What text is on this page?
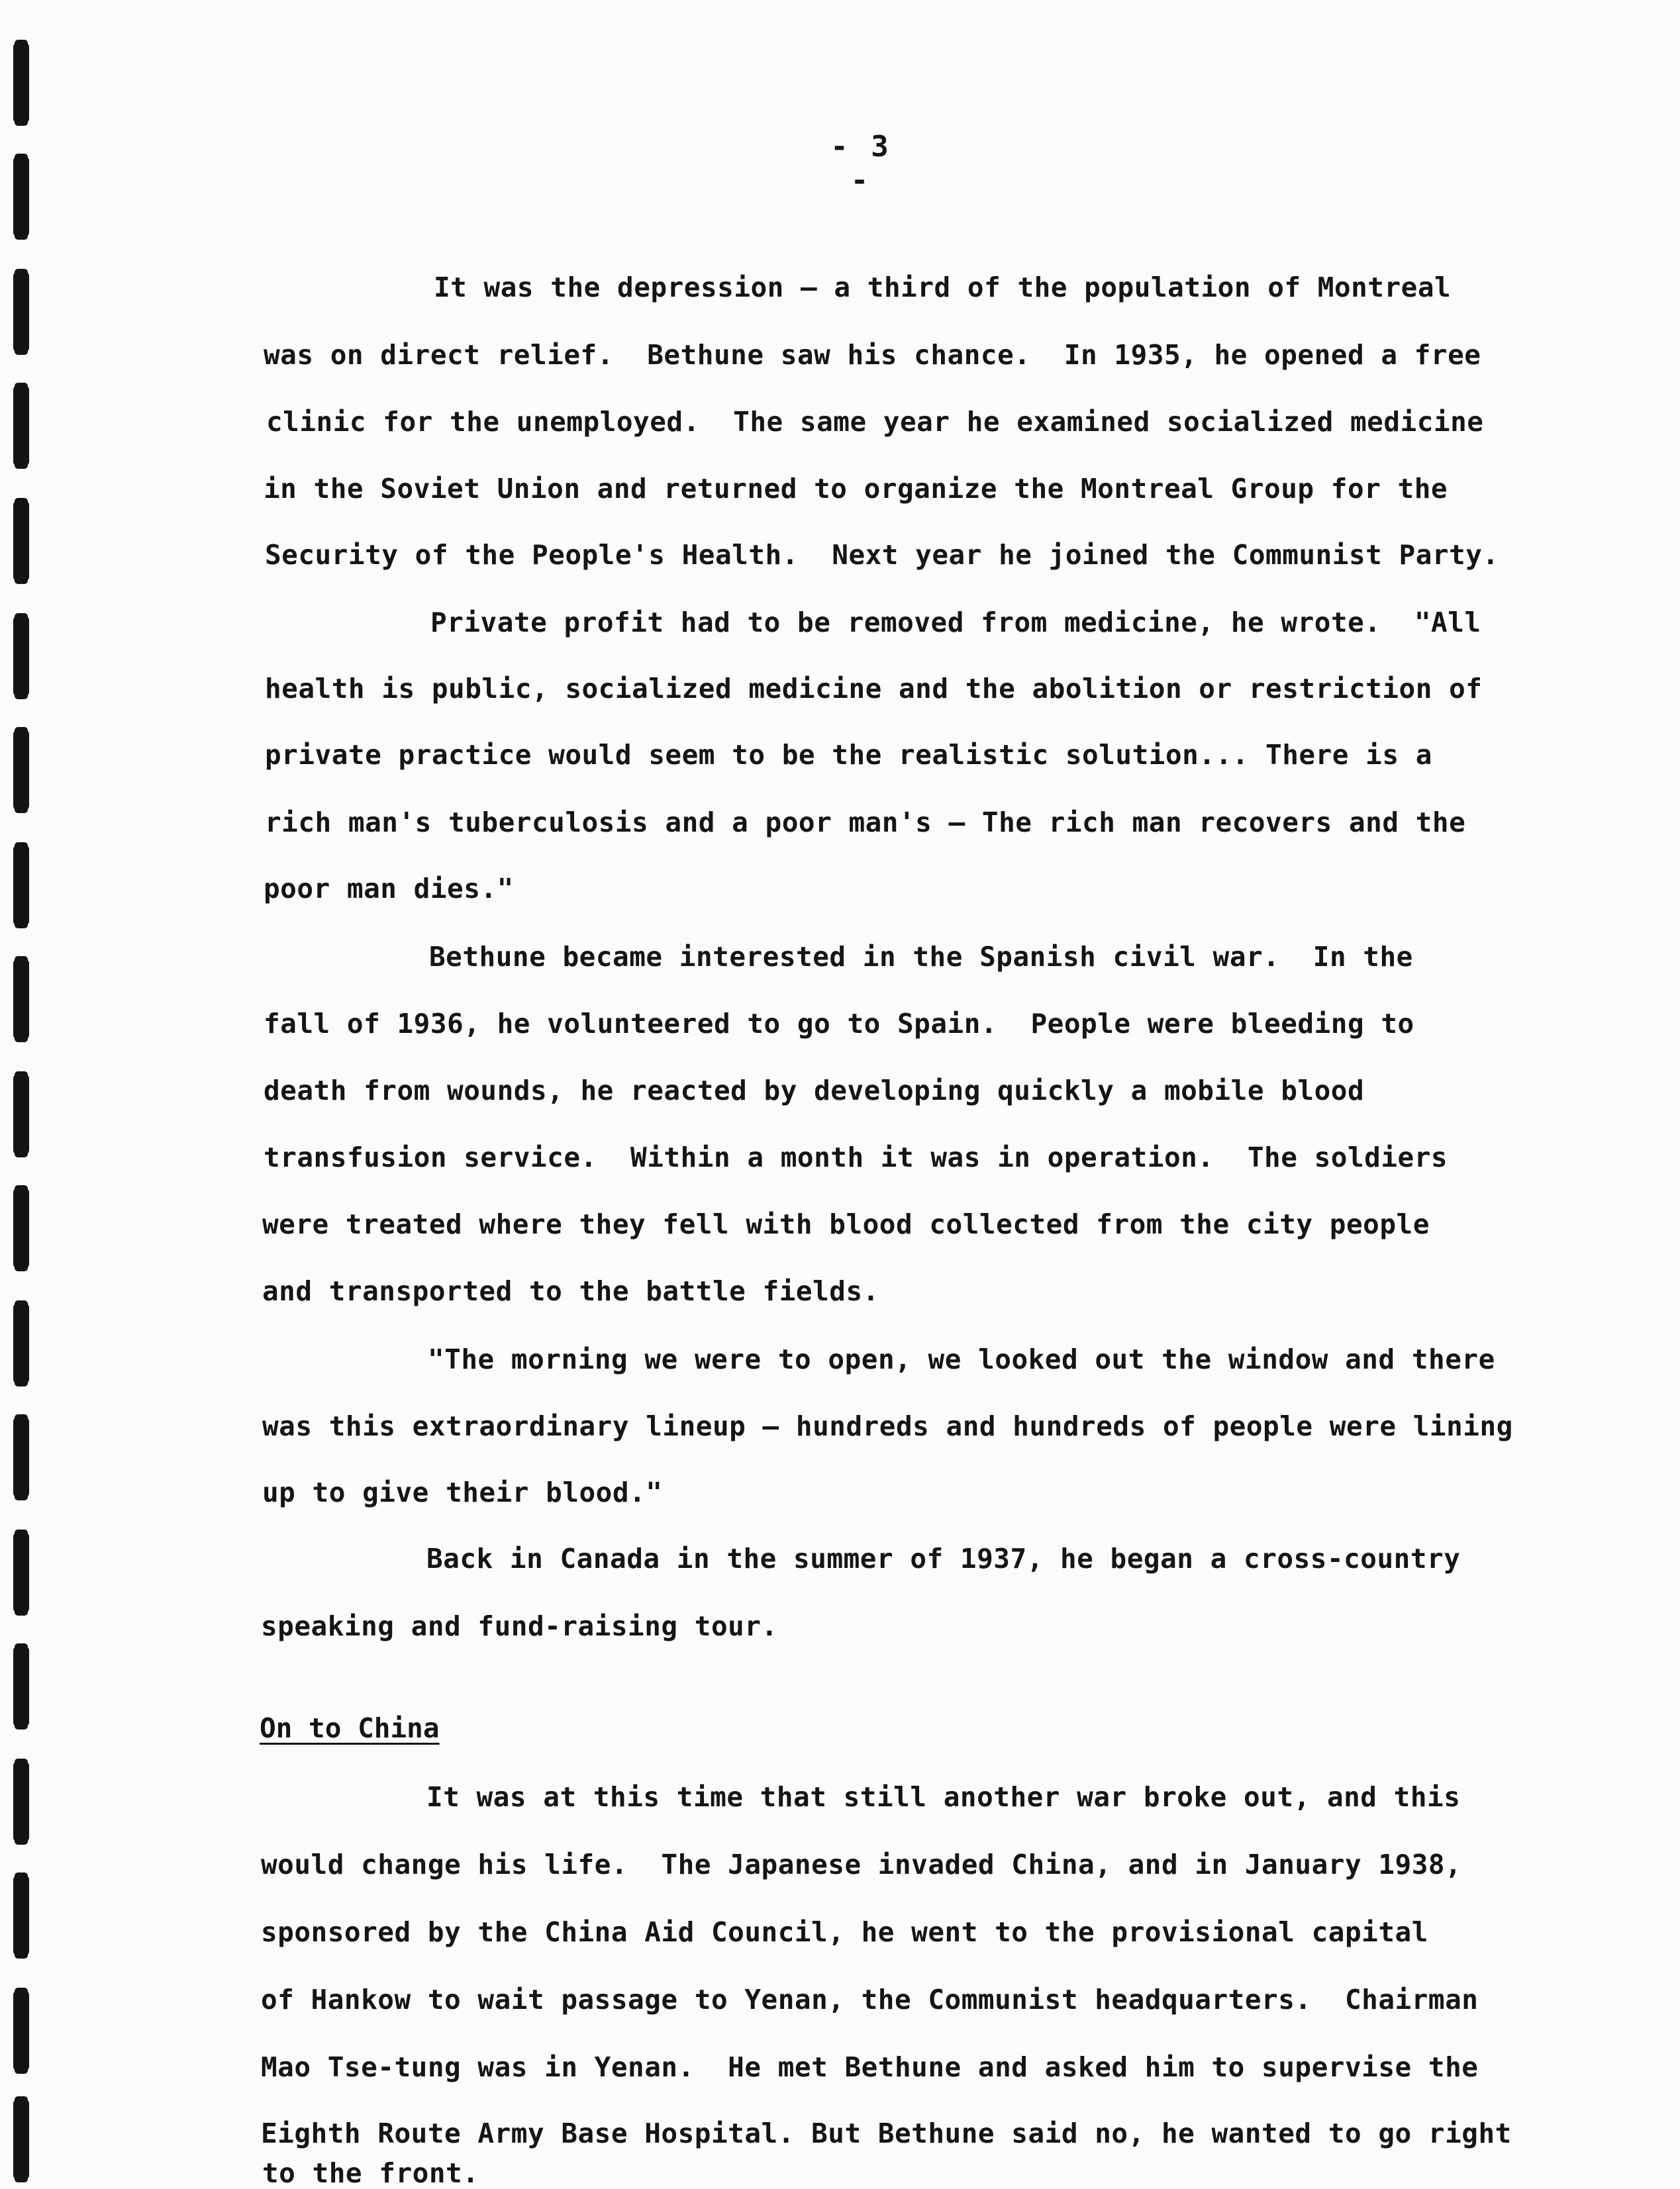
- 3 -

It was the depression — a third of the population of Montreal

was on direct relief.  Bethune saw his chance.  In 1935, he opened a free

clinic for the unemployed.  The same year he examined socialized medicine

in the Soviet Union and returned to organize the Montreal Group for the

Security of the People's Health.  Next year he joined the Communist Party.

Private profit had to be removed from medicine, he wrote.  "All

health is public, socialized medicine and the abolition or restriction of

private practice would seem to be the realistic solution... There is a

rich man's tuberculosis and a poor man's — The rich man recovers and the

poor man dies."

Bethune became interested in the Spanish civil war.  In the

fall of 1936, he volunteered to go to Spain.  People were bleeding to

death from wounds, he reacted by developing quickly a mobile blood

transfusion service.  Within a month it was in operation.  The soldiers

were treated where they fell with blood collected from the city people

and transported to the battle fields.

"The morning we were to open, we looked out the window and there

was this extraordinary lineup — hundreds and hundreds of people were lining

up to give their blood."

Back in Canada in the summer of 1937, he began a cross-country

speaking and fund-raising tour.

On to China

It was at this time that still another war broke out, and this

would change his life.  The Japanese invaded China, and in January 1938,

sponsored by the China Aid Council, he went to the provisional capital

of Hankow to wait passage to Yenan, the Communist headquarters.  Chairman

Mao Tse-tung was in Yenan.  He met Bethune and asked him to supervise the

Eighth Route Army Base Hospital. But Bethune said no, he wanted to go right

to the front.
